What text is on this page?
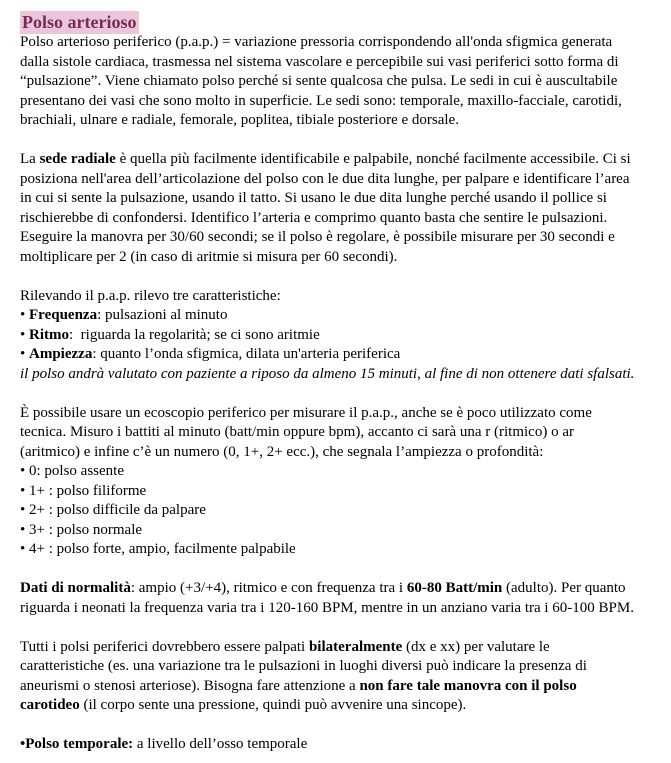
Polso arterioso
Polso arterioso periferico (p.a.p.) = variazione pressoria corrispondendo all'onda sfigmica generata
dalla sistole cardiaca, trasmessa nel sistema vascolare e percepibile sui vasi periferici sotto forma di
“pulsazione”. Viene chiamato polso perché si sente qualcosa che pulsa. Le sedi in cui è auscultabile
presentano dei vasi che sono molto in superficie. Le sedi sono: temporale, maxillo-facciale, carotidi,
brachiali, ulnare e radiale, femorale, poplitea, tibiale posteriore e dorsale.
La sede radiale è quella più facilmente identificabile e palpabile, nonché facilmente accessibile. Ci si
posiziona nell'area dell’articolazione del polso con le due dita lunghe, per palpare e identificare l’area
in cui si sente la pulsazione, usando il tatto. Si usano le due dita lunghe perché usando il pollice si
rischierebbe di confondersi. Identifico l’arteria e comprimo quanto basta che sentire le pulsazioni.
Eseguire la manovra per 30/60 secondi; se il polso è regolare, è possibile misurare per 30 secondi e
moltiplicare per 2 (in caso di aritmie si misura per 60 secondi).
Rilevando il p.a.p. rilevo tre caratteristiche:
• Frequenza: pulsazioni al minuto
• Ritmo:  riguarda la regolarità; se ci sono aritmie
• Ampiezza: quanto l’onda sfigmica, dilata un'arteria periferica
il polso andrà valutato con paziente a riposo da almeno 15 minuti, al fine di non ottenere dati sfalsati.
È possibile usare un ecoscopio periferico per misurare il p.a.p., anche se è poco utilizzato come
tecnica. Misuro i battiti al minuto (batt/min oppure bpm), accanto ci sarà una r (ritmico) o ar
(aritmico) e infine c’è un numero (0, 1+, 2+ ecc.), che segnala l’ampiezza o profondità:
• 0: polso assente
• 1+ : polso filiforme
• 2+ : polso difficile da palpare
• 3+ : polso normale
• 4+ : polso forte, ampio, facilmente palpabile
Dati di normalità: ampio (+3/+4), ritmico e con frequenza tra i 60-80 Batt/min (adulto). Per quanto
riguarda i neonati la frequenza varia tra i 120-160 BPM, mentre in un anziano varia tra i 60-100 BPM.
Tutti i polsi periferici dovrebbero essere palpati bilateralmente (dx e xx) per valutare le
caratteristiche (es. una variazione tra le pulsazioni in luoghi diversi può indicare la presenza di
aneurismi o stenosi arteriose). Bisogna fare attenzione a non fare tale manovra con il polso
carotideo (il corpo sente una pressione, quindi può avvenire una sincope).
•Polso temporale: a livello dell’osso temporale
